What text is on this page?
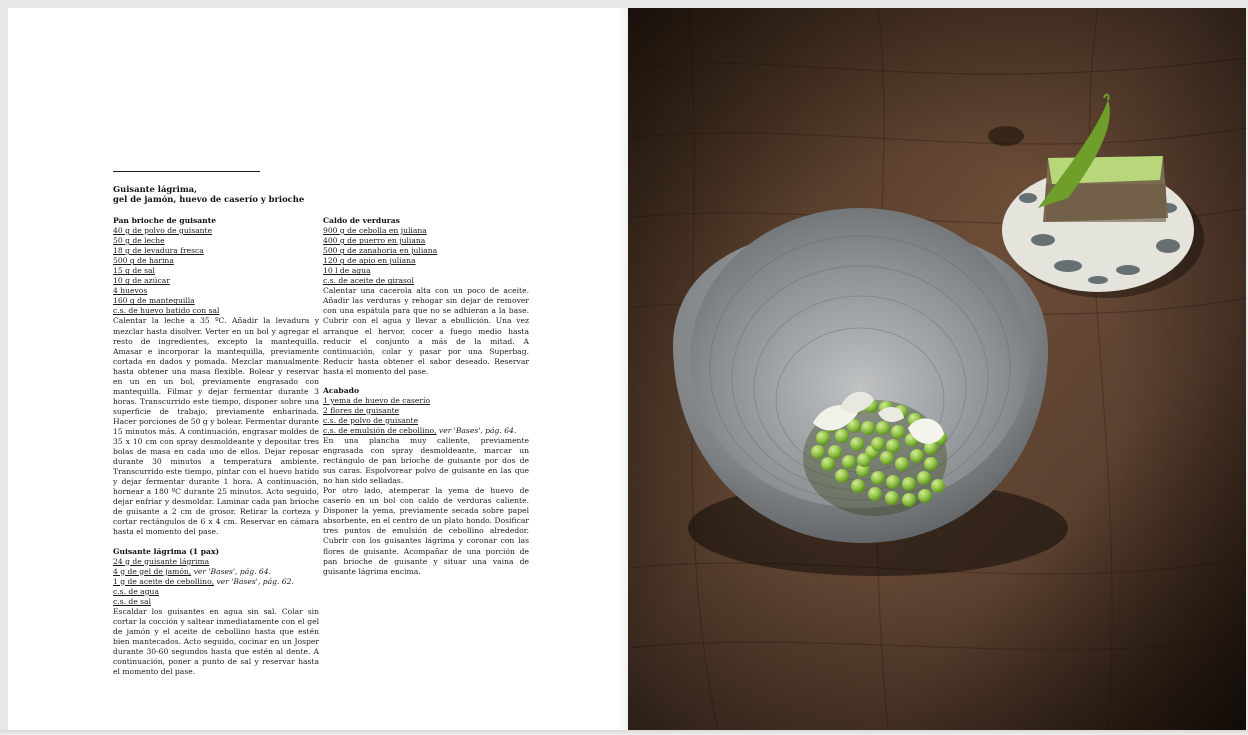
Guisante lágrima,
gel de jamón, huevo de caserío y brioche
Pan brioche de guisante
40 g de polvo de guisante
50 g de leche
18 g de levadura fresca
500 g de harina
15 g de sal
10 g de azúcar
4 huevos
160 g de mantequilla
c.s. de huevo batido con sal
Calentar la leche a 35 ºC. Añadir la levadura y mezclar hasta disolver. Verter en un bol y agregar el resto de ingredientes, excepto la mantequilla. Amasar e incorporar la mantequilla, previamente cortada en dados y pomada. Mezclar manualmente hasta obtener una masa flexible. Bolear y reservar en un en un bol, previamente engrasado con mantequilla. Filmar y dejar fermentar durante 3 horas. Transcurrido este tiempo, disponer sobre una superficie de trabajo, previamente enharinada. Hacer porciones de 50 g y bolear. Fermentar durante 15 minutos más. A continuación, engrasar moldes de 35 x 10 cm con spray desmoldeante y depositar tres bolas de masa en cada uno de ellos. Dejar reposar durante 30 minutos a temperatura ambiente. Transcurrido este tiempo, pintar con el huevo batido y dejar fermentar durante 1 hora. A continuación, hornear a 180 ºC durante 25 minutos. Acto seguido, dejar enfriar y desmoldar. Laminar cada pan brioche de guisante a 2 cm de grosor. Retirar la corteza y cortar rectángulos de 6 x 4 cm. Reservar en cámara hasta el momento del pase.
Guisante lágrima (1 pax)
24 g de guisante lágrima
4 g de gel de jamón, ver 'Bases', pág. 64.
1 g de aceite de cebollino, ver 'Bases', pág. 62.
c.s. de agua
c.s. de sal
Escaldar los guisantes en agua sin sal. Colar sin cortar la cocción y saltear inmediatamente con el gel de jamón y el aceite de cebollino hasta que estén bien mantecados. Acto seguido, cocinar en un Josper durante 30-60 segundos hasta que estén al dente. A continuación, poner a punto de sal y reservar hasta el momento del pase.
Caldo de verduras
900 g de cebolla en juliana
400 g de puerro en juliana
500 g de zanahoria en juliana
120 g de apio en juliana
10 l de agua
c.s. de aceite de girasol
Calentar una cacerola alta con un poco de aceite. Añadir las verduras y rehogar sin dejar de remover con una espátula para que no se adhieran a la base. Cubrir con el agua y llevar a ebullición. Una vez arranque el hervor, cocer a fuego medio hasta reducir el conjunto a más de la mitad. A continuación, colar y pasar por una Superbag. Reducir hasta obtener el sabor deseado. Reservar hasta el momento del pase.
Acabado
1 yema de huevo de caserío
2 flores de guisante
c.s. de polvo de guisante
c.s. de emulsión de cebollino, ver 'Bases', pág. 64.
En una plancha muy caliente, previamente engrasada con spray desmoldeante, marcar un rectángulo de pan brioche de guisante por dos de sus caras. Espolvorear polvo de guisante en las que no han sido selladas.
Por otro lado, atemperar la yema de huevo de caserío en un bol con caldo de verduras caliente. Disponer la yema, previamente secada sobre papel absorbente, en el centro de un plato hondo. Dosificar tres puntos de emulsión de cebollino alrededor. Cubrir con los guisantes lágrima y coronar con las flores de guisante. Acompañar de una porción de pan brioche de guisante y situar una vaina de guisante lágrima encima.
